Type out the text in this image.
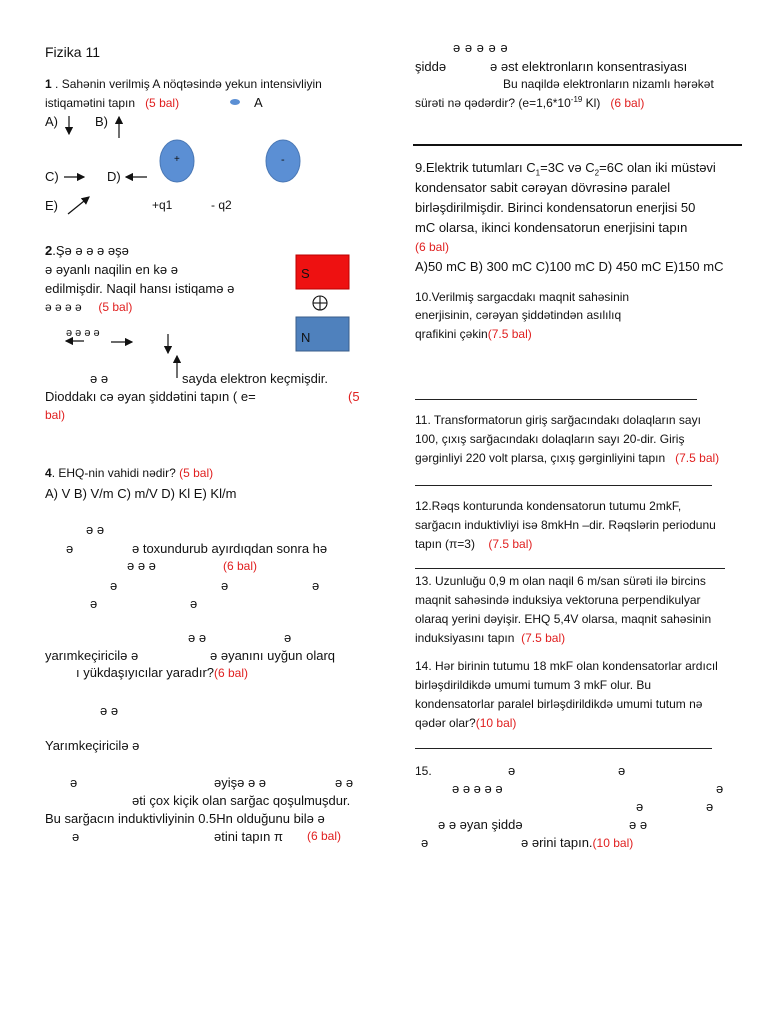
Fizika 11
1 . Sahənin verilmiş A nöqtəsində yekun intensivliyin
istiqamətini tapın (5 bal)	A
A)	B)
C)	D)
E)	+q1	- q2
2.Şə ə ə ə əşə
ə əyanlı naqilin en kə ə
edilmişdir. Naqil hansı istiqamə ə
ə ə ə ə (5 bal)
ə ə ə ə
ə ə	sayda elektron keçmişdir.
Dioddakı cə əyan şiddətini tapın ( e=	(5
bal)
4. EHQ-nin vahidi nədir? (5 bal)
A) V B) V/m C) m/V D) Kl E) Kl/m
ə ə
ə	ə toxundurub ayırdıqdan sonra hə
ə ə ə	(6 bal)
ə	ə	ə
ə	ə
ə ə	ə
yarımkeçiricilə ə	ə əyanını uyğun olarq
ı yükdaşıyıcılar yaradır?(6 bal)
ə ə
Yarımkeçiricilə ə
ə	əyişə ə ə	ə ə
əti çox kiçik olan sarğac qoşulmuşdur.
Bu sarğacın induktivliyinin 0.5Hn olduğunu bilə ə
ə	ətini tapın π (6 bal)
+	-
S
N
ə ə ə ə ə
şiddə	ə əst elektronların konsentrasiyası
Bu naqildə elektronların nizamlı hərəkət
sürəti nə qədərdir? ($e=1,6*10^{-19}$ Kl) (6 bal)
9.Elektrik tutumları $C_1=3C$ və $C_2=6C$ olan iki müstəvi
kondensator sabit cərəyan dövrəsinə paralel
birləşdirilmişdir. Birinci kondensatorun enerjisi 50
mC olarsa, ikinci kondensatorun enerjisini tapın
(6 bal)
A)50 mC B) 300 mC C)100 mC D) 450 mC E)150 mC
10.Verilmiş sargacdakı maqnit sahəsinin
enerjisinin, cərəyan şiddətindən asılılıq
qrafikini çəkin(7.5 bal)
11. Transformatorun giriş sarğacındakı dolaqların sayı
100, çıxış sarğacındakı dolaqların sayı 20-dir. Giriş
gərginliyi 220 volt plarsa, çıxış gərginliyini tapın (7.5 bal)
12.Rəqs konturunda kondensatorun tutumu 2mkF,
sarğacın induktivliyi isə 8mkHn –dir. Rəqslərin periodunu
tapın (π=3) (7.5 bal)
13. Uzunluğu 0,9 m olan naqil 6 m/san sürəti ilə bircins
maqnit sahəsində induksiya vektoruna perpendikulyar
olaraq yerini dəyişir. EHQ 5,4V olarsa, maqnit sahəsinin
induksiyasını tapın (7.5 bal)
14. Hər birinin tutumu 18 mkF olan kondensatorlar ardıcıl
birləşdirildikdə umumi tumum 3 mkF olur. Bu
kondensatorlar paralel birləşdirildikdə umumi tutum nə
qədər olar?(10 bal)
15.	ə	ə
ə ə ə ə ə	ə
ə	ə
ə ə əyan şiddə	ə ə
ə	ə ərini tapın.(10 bal)
